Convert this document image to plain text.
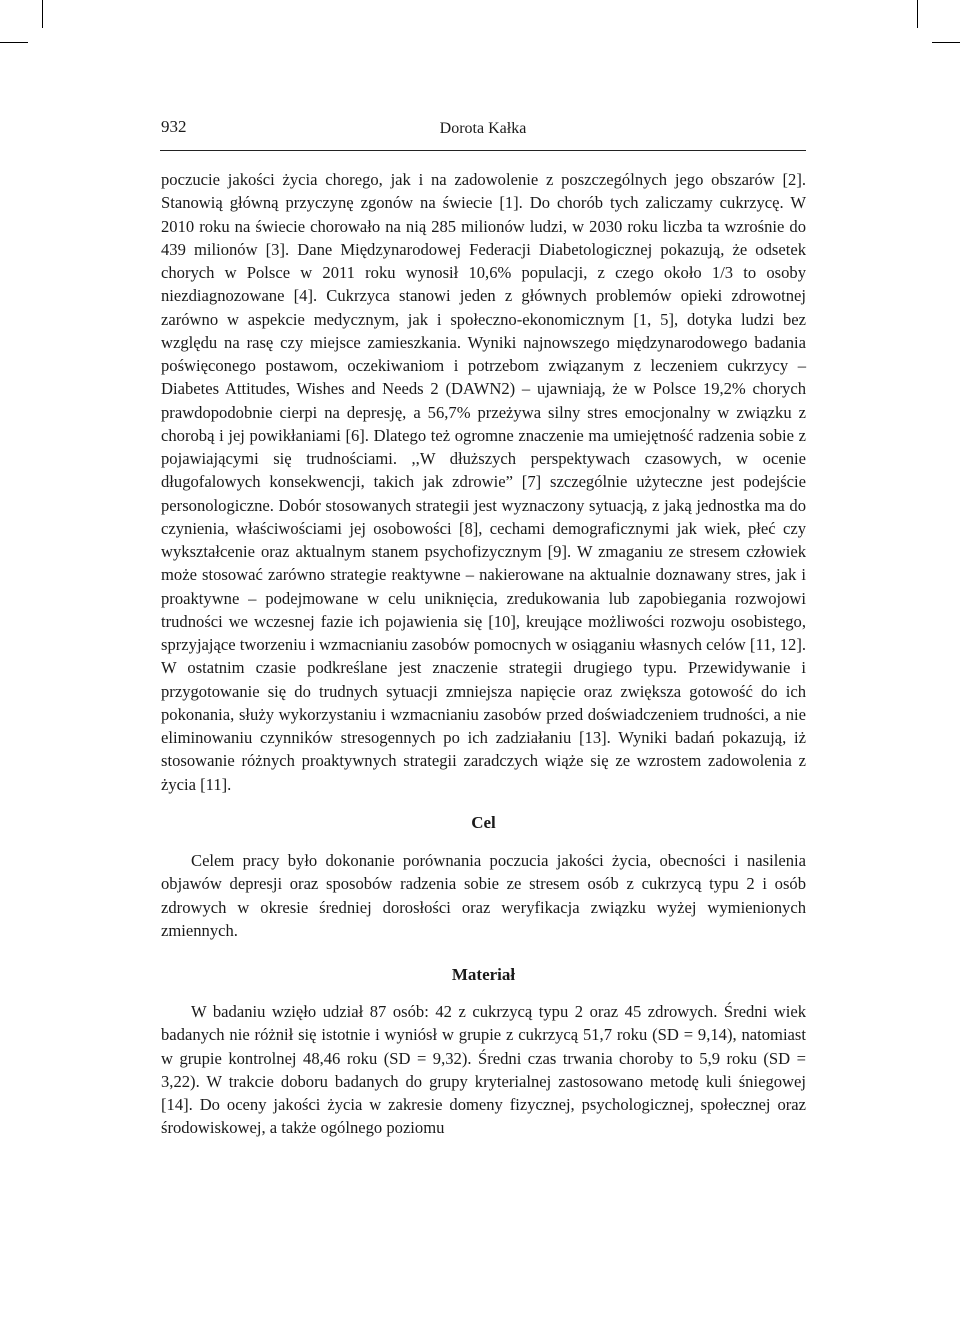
932	Dorota Kałka

poczucie jakości życia chorego, jak i na zadowolenie z poszczególnych jego obszarów [2]. Stanowią główną przyczynę zgonów na świecie [1]. Do chorób tych zaliczamy cukrzycę. W 2010 roku na świecie chorowało na nią 285 milionów ludzi, w 2030 roku liczba ta wzrośnie do 439 milionów [3]. Dane Międzynarodowej Federacji Diabetologicznej pokazują, że odsetek chorych w Polsce w 2011 roku wynosił 10,6% populacji, z czego około 1/3 to osoby niezdiagnozowane [4]. Cukrzyca stanowi jeden z głównych problemów opieki zdrowotnej zarówno w aspekcie medycznym, jak i społeczno-ekonomicznym [1, 5], dotyka ludzi bez względu na rasę czy miejsce zamieszkania. Wyniki najnowszego międzynarodowego badania poświęconego postawom, oczekiwaniom i potrzebom związanym z leczeniem cukrzycy – Diabetes Attitudes, Wishes and Needs 2 (DAWN2) – ujawniają, że w Polsce 19,2% chorych prawdopodobnie cierpi na depresję, a 56,7% przeżywa silny stres emocjonalny w związku z chorobą i jej powikłaniami [6]. Dlatego też ogromne znaczenie ma umiejętność radzenia sobie z pojawiającymi się trudnościami. ,,W dłuższych perspektywach czasowych, w ocenie długofalowych konsekwencji, takich jak zdrowie” [7] szczególnie użyteczne jest podejście personologiczne. Dobór stosowanych strategii jest wyznaczony sytuacją, z jaką jednostka ma do czynienia, właściwościami jej osobowości [8], cechami demograficznymi jak wiek, płeć czy wykształcenie oraz aktualnym stanem psychofizycznym [9]. W zmaganiu ze stresem człowiek może stosować zarówno strategie reaktywne – nakierowane na aktualnie doznawany stres, jak i proaktywne – podejmowane w celu uniknięcia, zredukowania lub zapobiegania rozwojowi trudności we wczesnej fazie ich pojawienia się [10], kreujące możliwości rozwoju osobistego, sprzyjające tworzeniu i wzmacnianiu zasobów pomocnych w osiąganiu własnych celów [11, 12]. W ostatnim czasie podkreślane jest znaczenie strategii drugiego typu. Przewidywanie i przygotowanie się do trudnych sytuacji zmniejsza napięcie oraz zwiększa gotowość do ich pokonania, służy wykorzystaniu i wzmacnianiu zasobów przed doświadczeniem trudności, a nie eliminowaniu czynników stresogennych po ich zadziałaniu [13]. Wyniki badań pokazują, iż stosowanie różnych proaktywnych strategii zaradczych wiąże się ze wzrostem zadowolenia z życia [11].

Cel

Celem pracy było dokonanie porównania poczucia jakości życia, obecności i nasilenia objawów depresji oraz sposobów radzenia sobie ze stresem osób z cukrzycą typu 2 i osób zdrowych w okresie średniej dorosłości oraz weryfikacja związku wyżej wymienionych zmiennych.

Materiał

W badaniu wzięło udział 87 osób: 42 z cukrzycą typu 2 oraz 45 zdrowych. Średni wiek badanych nie różnił się istotnie i wyniósł w grupie z cukrzycą 51,7 roku (SD = 9,14), natomiast w grupie kontrolnej 48,46 roku (SD = 9,32). Średni czas trwania choroby to 5,9 roku (SD = 3,22). W trakcie doboru badanych do grupy kryterialnej zastosowano metodę kuli śniegowej [14]. Do oceny jakości życia w zakresie domeny fizycznej, psychologicznej, społecznej oraz środowiskowej, a także ogólnego poziomu
